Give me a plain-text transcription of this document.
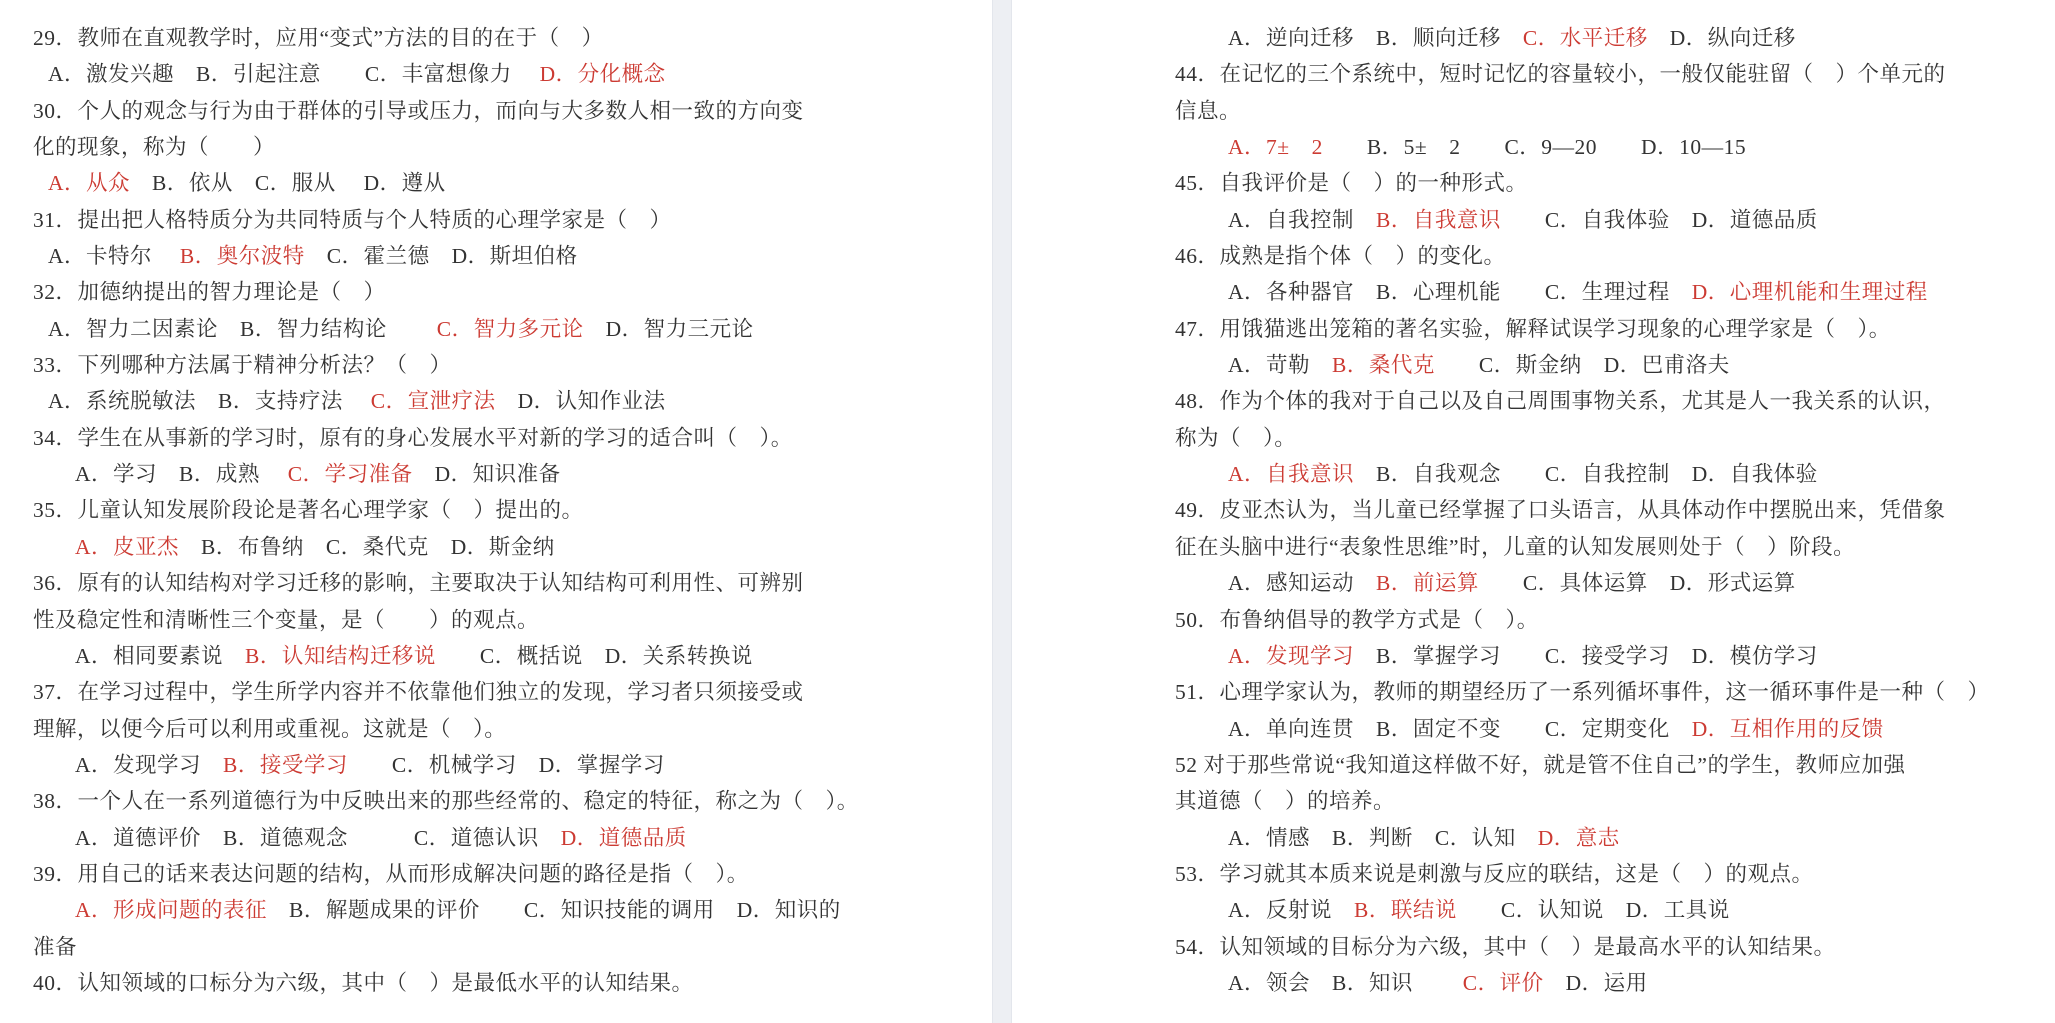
29．教师在直观教学时，应用“变式”方法的目的在于（　）
A．激发兴趣　B．引起注意　　C．丰富想像力　 D．分化概念
30．个人的观念与行为由于群体的引导或压力，而向与大多数人相一致的方向变
化的现象，称为（　　）
A．从众　B．依从　C．服从　 D．遵从
31．提出把人格特质分为共同特质与个人特质的心理学家是（　）
A．卡特尔　 B．奥尔波特　C．霍兰德　D．斯坦伯格
32．加德纳提出的智力理论是（　）
A．智力二因素论　B．智力结构论　　 C．智力多元论　D．智力三元论
33．下列哪种方法属于精神分析法？（　）
A．系统脱敏法　B．支持疗法　 C．宣泄疗法　D．认知作业法
34．学生在从事新的学习时，原有的身心发展水平对新的学习的适合叫（　）。
A．学习　B．成熟　 C．学习准备　D．知识准备
35．儿童认知发展阶段论是著名心理学家（　）提出的。
A．皮亚杰　B．布鲁纳　C．桑代克　D．斯金纳
36．原有的认知结构对学习迁移的影响，主要取决于认知结构可利用性、可辨别
性及稳定性和清晰性三个变量，是（　　）的观点。
A．相同要素说　B．认知结构迁移说　　C．概括说　D．关系转换说
37．在学习过程中，学生所学内容并不依靠他们独立的发现，学习者只须接受或
理解，以便今后可以利用或重视。这就是（　）。
A．发现学习　B．接受学习　　C．机械学习　D．掌握学习
38．一个人在一系列道德行为中反映出来的那些经常的、稳定的特征，称之为（　）。
A．道德评价　B．道德观念　　　C．道德认识　D．道德品质
39．用自己的话来表达问题的结构，从而形成解决问题的路径是指（　）。
A．形成问题的表征　B．解题成果的评价　　C．知识技能的调用　D．知识的
准备
40．认知领域的口标分为六级，其中（　）是最低水平的认知结果。
A．逆向迁移　B．顺向迁移　C．水平迁移　D．纵向迁移
44．在记忆的三个系统中，短时记忆的容量较小，一般仅能驻留（　）个单元的
信息。
A．7±　2　　B．5±　2　　C．9—20　　D．10—15
45．自我评价是（　）的一种形式。
A．自我控制　B．自我意识　　C．自我体验　D．道德品质
46．成熟是指个体（　）的变化。
A．各种器官　B．心理机能　　C．生理过程　D．心理机能和生理过程
47．用饿猫逃出笼箱的著名实验，解释试误学习现象的心理学家是（　）。
A．苛勒　B．桑代克　　C．斯金纳　D．巴甫洛夫
48．作为个体的我对于自己以及自己周围事物关系，尤其是人一我关系的认识，
称为（　）。
A．自我意识　B．自我观念　　C．自我控制　D．自我体验
49．皮亚杰认为，当儿童已经掌握了口头语言，从具体动作中摆脱出来，凭借象
征在头脑中进行“表象性思维”时，儿童的认知发展则处于（　）阶段。
A．感知运动　B．前运算　　C．具体运算　D．形式运算
50．布鲁纳倡导的教学方式是（　）。
A．发现学习　B．掌握学习　　C．接受学习　D．模仿学习
51．心理学家认为，教师的期望经历了一系列循坏事件，这一循环事件是一种（　）
A．单向连贯　B．固定不变　　C．定期变化　D．互相作用的反馈
52 对于那些常说“我知道这样做不好，就是管不住自己”的学生，教师应加强
其道德（　）的培养。
A．情感　B．判断　C．认知　D．意志
53．学习就其本质来说是刺激与反应的联结，这是（　）的观点。
A．反射说　B．联结说　　C．认知说　D．工具说
54．认知领域的目标分为六级，其中（　）是最高水平的认知结果。
A．领会　B．知识　　 C．评价　D．运用
